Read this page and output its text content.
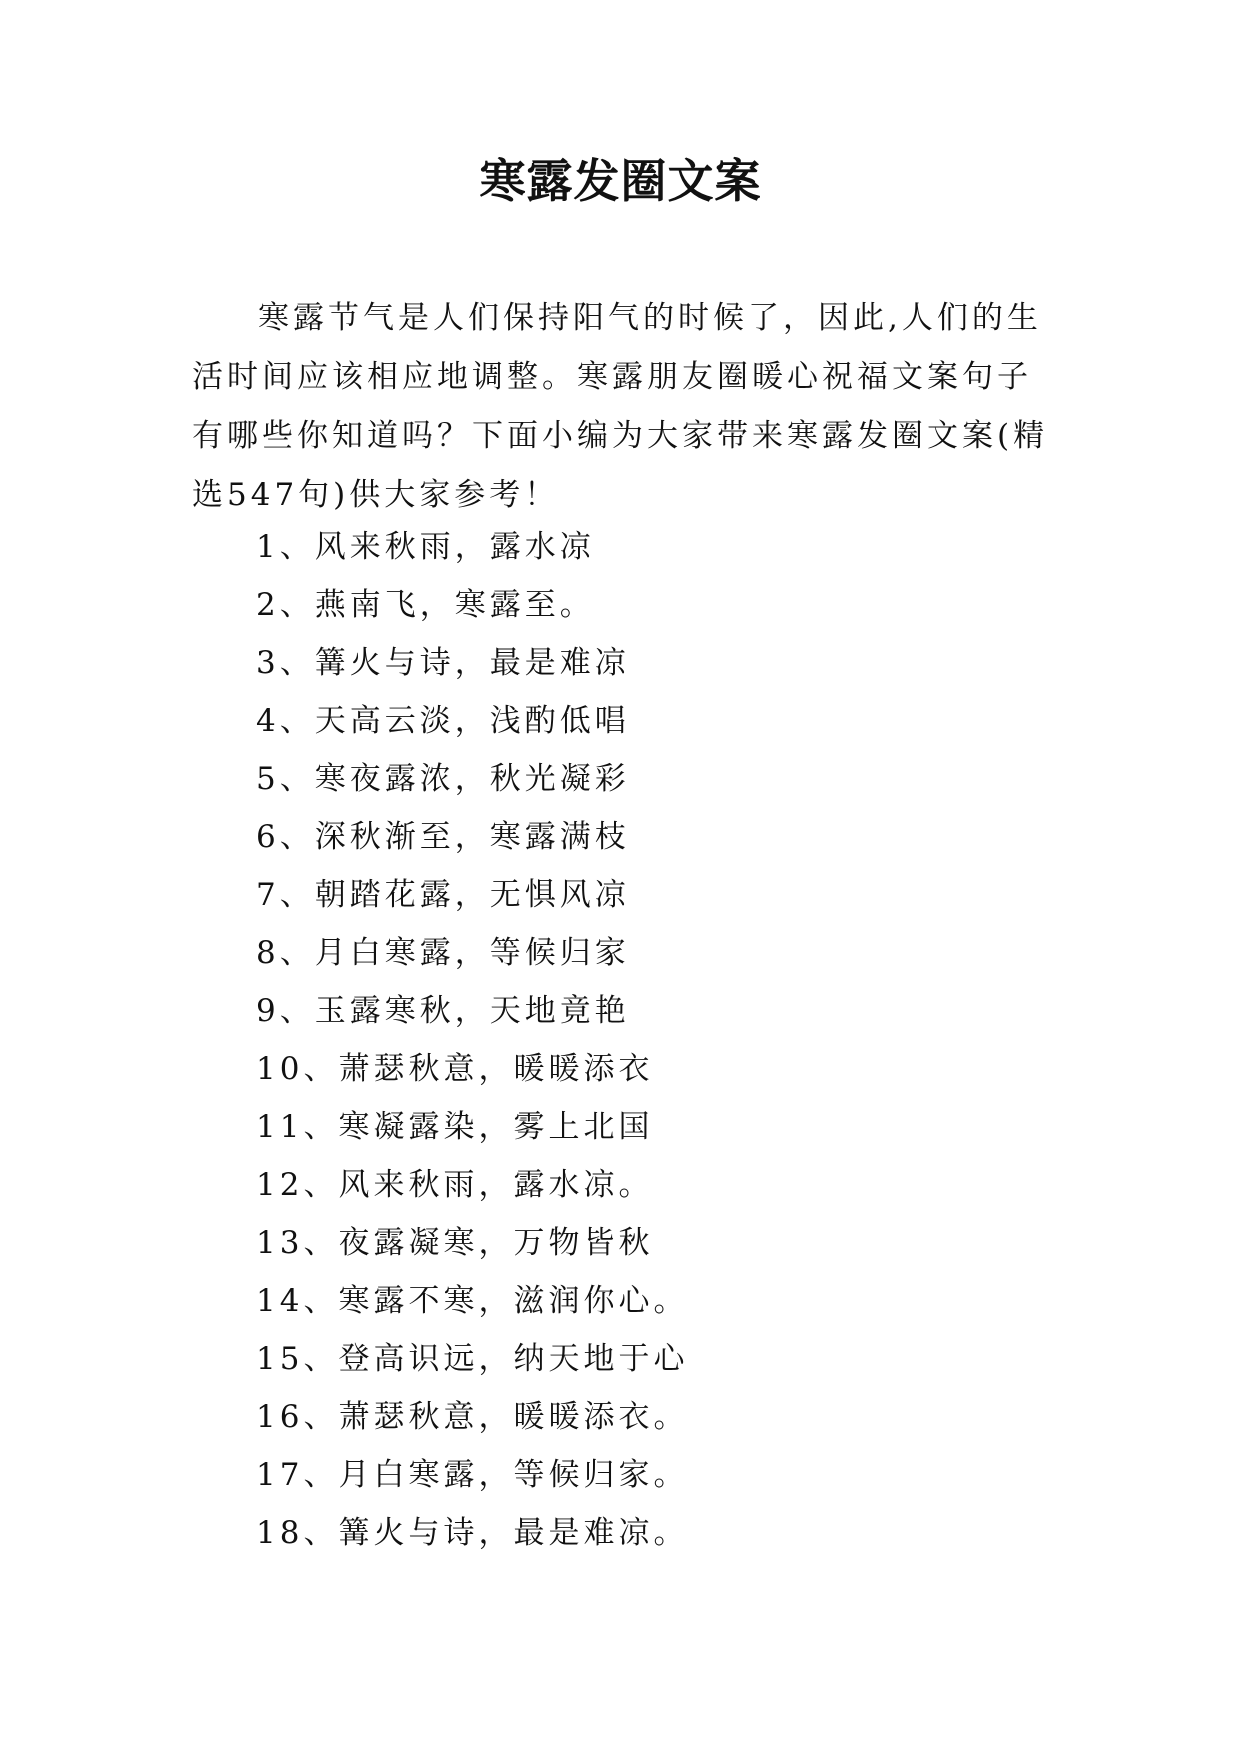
寒露发圈文案

寒露节气是人们保持阳气的时候了，因此,人们的生活时间应该相应地调整。寒露朋友圈暖心祝福文案句子有哪些你知道吗？下面小编为大家带来寒露发圈文案(精选547句)供大家参考！

1、风来秋雨，露水凉
2、燕南飞，寒露至。
3、篝火与诗，最是难凉
4、天高云淡，浅酌低唱
5、寒夜露浓，秋光凝彩
6、深秋渐至，寒露满枝
7、朝踏花露，无惧风凉
8、月白寒露，等候归家
9、玉露寒秋，天地竟艳
10、萧瑟秋意，暖暖添衣
11、寒凝露染，雾上北国
12、风来秋雨，露水凉。
13、夜露凝寒，万物皆秋
14、寒露不寒，滋润你心。
15、登高识远，纳天地于心
16、萧瑟秋意，暖暖添衣。
17、月白寒露，等候归家。
18、篝火与诗，最是难凉。
